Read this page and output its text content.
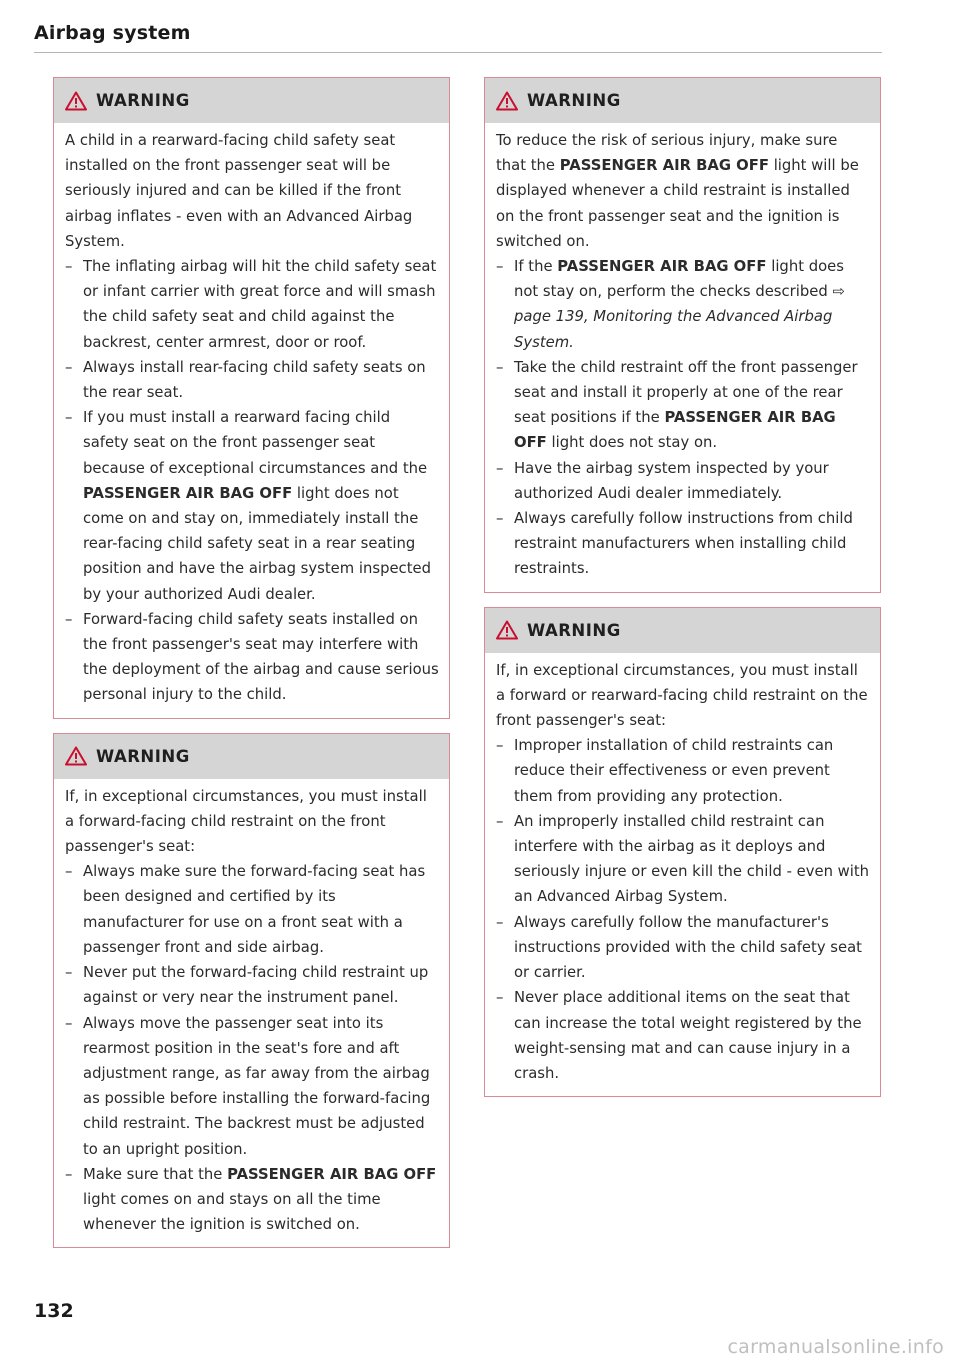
Airbag system
WARNING

A child in a rearward-facing child safety seat installed on the front passenger seat will be seriously injured and can be killed if the front airbag inflates - even with an Advanced Airbag System.

– The inflating airbag will hit the child safety seat or infant carrier with great force and will smash the child safety seat and child against the backrest, center armrest, door or roof.
– Always install rear-facing child safety seats on the rear seat.
– If you must install a rearward facing child safety seat on the front passenger seat because of exceptional circumstances and the PASSENGER AIR BAG OFF light does not come on and stay on, immediately install the rear-facing child safety seat in a rear seating position and have the airbag system inspected by your authorized Audi dealer.
– Forward-facing child safety seats installed on the front passenger's seat may interfere with the deployment of the airbag and cause serious personal injury to the child.
WARNING

If, in exceptional circumstances, you must install a forward-facing child restraint on the front passenger's seat:

– Always make sure the forward-facing seat has been designed and certified by its manufacturer for use on a front seat with a passenger front and side airbag.
– Never put the forward-facing child restraint up against or very near the instrument panel.
– Always move the passenger seat into its rearmost position in the seat's fore and aft adjustment range, as far away from the airbag as possible before installing the forward-facing child restraint. The backrest must be adjusted to an upright position.
– Make sure that the PASSENGER AIR BAG OFF light comes on and stays on all the time whenever the ignition is switched on.
WARNING

To reduce the risk of serious injury, make sure that the PASSENGER AIR BAG OFF light will be displayed whenever a child restraint is installed on the front passenger seat and the ignition is switched on.

– If the PASSENGER AIR BAG OFF light does not stay on, perform the checks described ⇨ page 139, Monitoring the Advanced Airbag System.
– Take the child restraint off the front passenger seat and install it properly at one of the rear seat positions if the PASSENGER AIR BAG OFF light does not stay on.
– Have the airbag system inspected by your authorized Audi dealer immediately.
– Always carefully follow instructions from child restraint manufacturers when installing child restraints.
WARNING

If, in exceptional circumstances, you must install a forward or rearward-facing child restraint on the front passenger's seat:

– Improper installation of child restraints can reduce their effectiveness or even prevent them from providing any protection.
– An improperly installed child restraint can interfere with the airbag as it deploys and seriously injure or even kill the child - even with an Advanced Airbag System.
– Always carefully follow the manufacturer's instructions provided with the child safety seat or carrier.
– Never place additional items on the seat that can increase the total weight registered by the weight-sensing mat and can cause injury in a crash.
132
carmanualsonline.info
